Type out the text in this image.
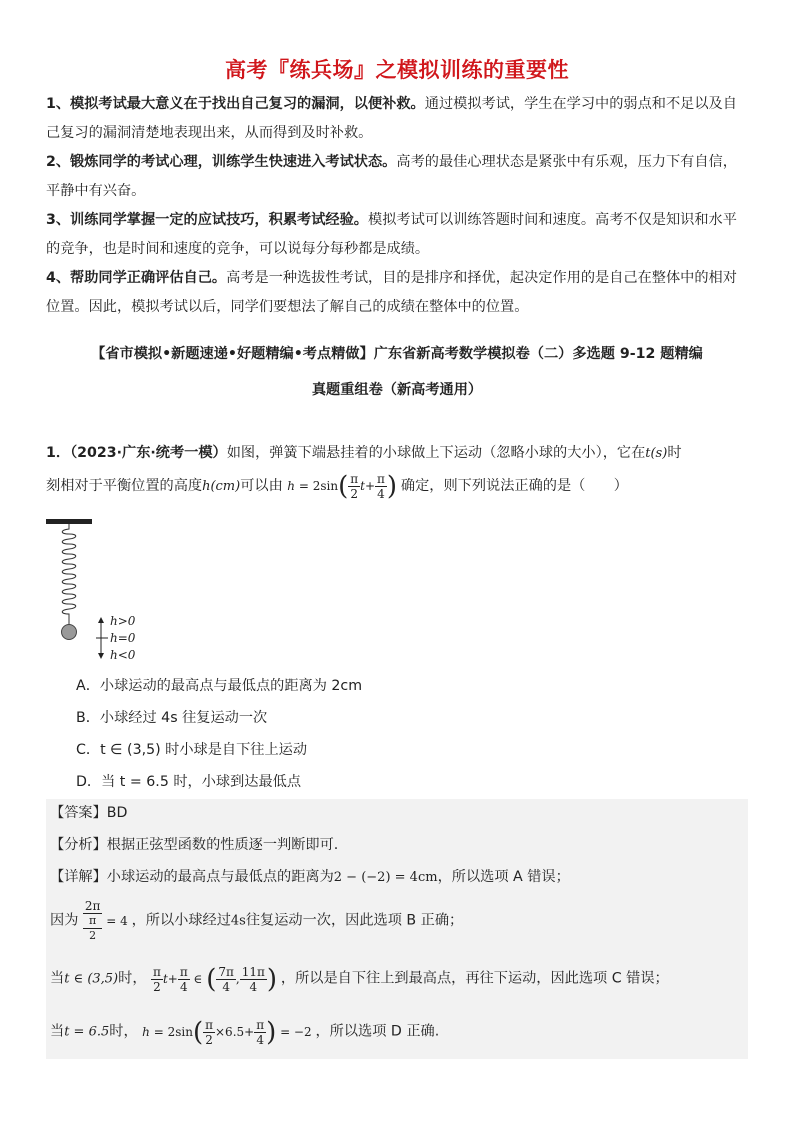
高考『练兵场』之模拟训练的重要性

1、模拟考试最大意义在于找出自己复习的漏洞，以便补救。通过模拟考试，学生在学习中的弱点和不足以及自己复习的漏洞清楚地表现出来，从而得到及时补救。

2、锻炼同学的考试心理，训练学生快速进入考试状态。高考的最佳心理状态是紧张中有乐观，压力下有自信，平静中有兴奋。

3、训练同学掌握一定的应试技巧，积累考试经验。模拟考试可以训练答题时间和速度。高考不仅是知识和水平的竞争，也是时间和速度的竞争，可以说每分每秒都是成绩。

4、帮助同学正确评估自己。高考是一种选拔性考试，目的是排序和择优，起决定作用的是自己在整体中的相对位置。因此，模拟考试以后，同学们要想法了解自己的成绩在整体中的位置。

【省市模拟•新题速递•好题精编•考点精做】广东省新高考数学模拟卷（二）多选题 9-12 题精编
真题重组卷（新高考通用）
1．（2023·广东·统考一模）如图，弹簧下端悬挂着的小球做上下运动（忽略小球的大小），它在t(s)时
刻相对于平衡位置的高度h(cm)可以由 $h = 2\sin( \frac{\pi}{2} t+ \frac{\pi}{4}$ ) 确定，则下列说法正确的是（　　）
h>0
h=0
h<0
A．小球运动的最高点与最低点的距离为 2cm
B．小球经过 4s 往复运动一次
C．t ∈ (3,5) 时小球是自下往上运动
D．当 t = 6.5 时，小球到达最低点
【答案】BD
【分析】根据正弦型函数的性质逐一判断即可.
【详解】小球运动的最高点与最低点的距离为2 − (−2) = 4cm，所以选项 A 错误；
因为 2π
π
2 = 4 ，所以小球经过4s往复运动一次，因此选项 B 正确；
当t ∈ (3,5)时， $\frac{\pi}{2} t+ \frac{\pi}{4}$ ∈ ( $\frac{7\pi}{4}$ , $\frac{11\pi}{4}$ ) ，所以是自下往上到最高点，再往下运动，因此选项 C 错误；
当t = 6.5时， $h = 2\sin( \frac{\pi}{2} \times 6.5+ \frac{\pi}{4}$ ) = −2 ，所以选项 D 正确.
